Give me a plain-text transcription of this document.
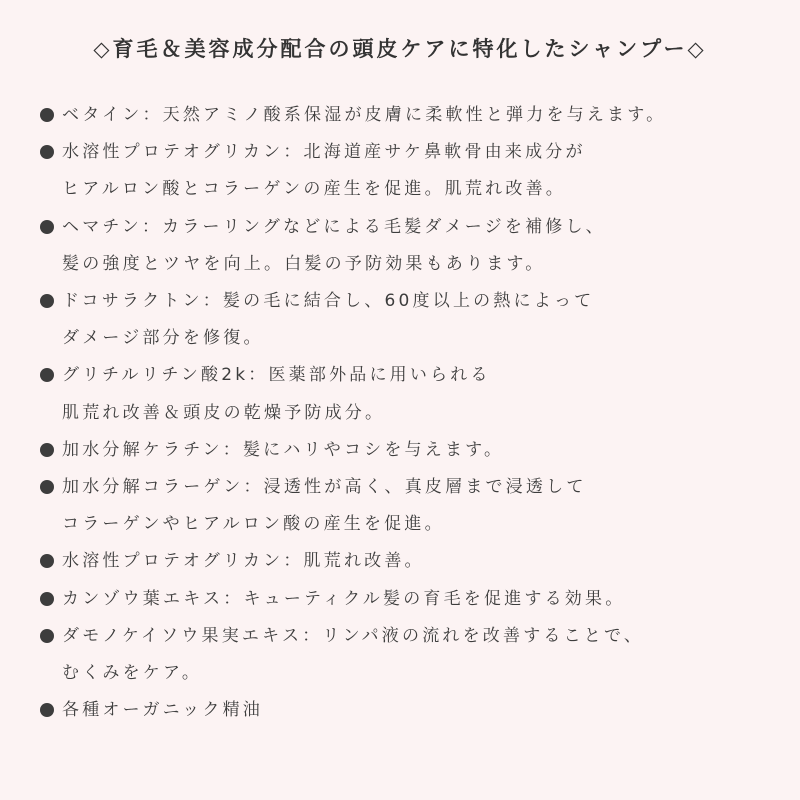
◇育毛＆美容成分配合の頭皮ケアに特化したシャンプー◇
ベタイン：天然アミノ酸系保湿が皮膚に柔軟性と弾力を与えます。
水溶性プロテオグリカン：北海道産サケ鼻軟骨由来成分が
ヒアルロン酸とコラーゲンの産生を促進。肌荒れ改善。
ヘマチン：カラーリングなどによる毛髪ダメージを補修し、
髪の強度とツヤを向上。白髪の予防効果もあります。
ドコサラクトン：髪の毛に結合し、60度以上の熱によって
ダメージ部分を修復。
グリチルリチン酸2k：医薬部外品に用いられる
肌荒れ改善＆頭皮の乾燥予防成分。
加水分解ケラチン：髪にハリやコシを与えます。
加水分解コラーゲン：浸透性が高く、真皮層まで浸透して
コラーゲンやヒアルロン酸の産生を促進。
水溶性プロテオグリカン：肌荒れ改善。
カンゾウ葉エキス：キューティクル髪の育毛を促進する効果。
ダモノケイソウ果実エキス：リンパ液の流れを改善することで、
むくみをケア。
各種オーガニック精油
